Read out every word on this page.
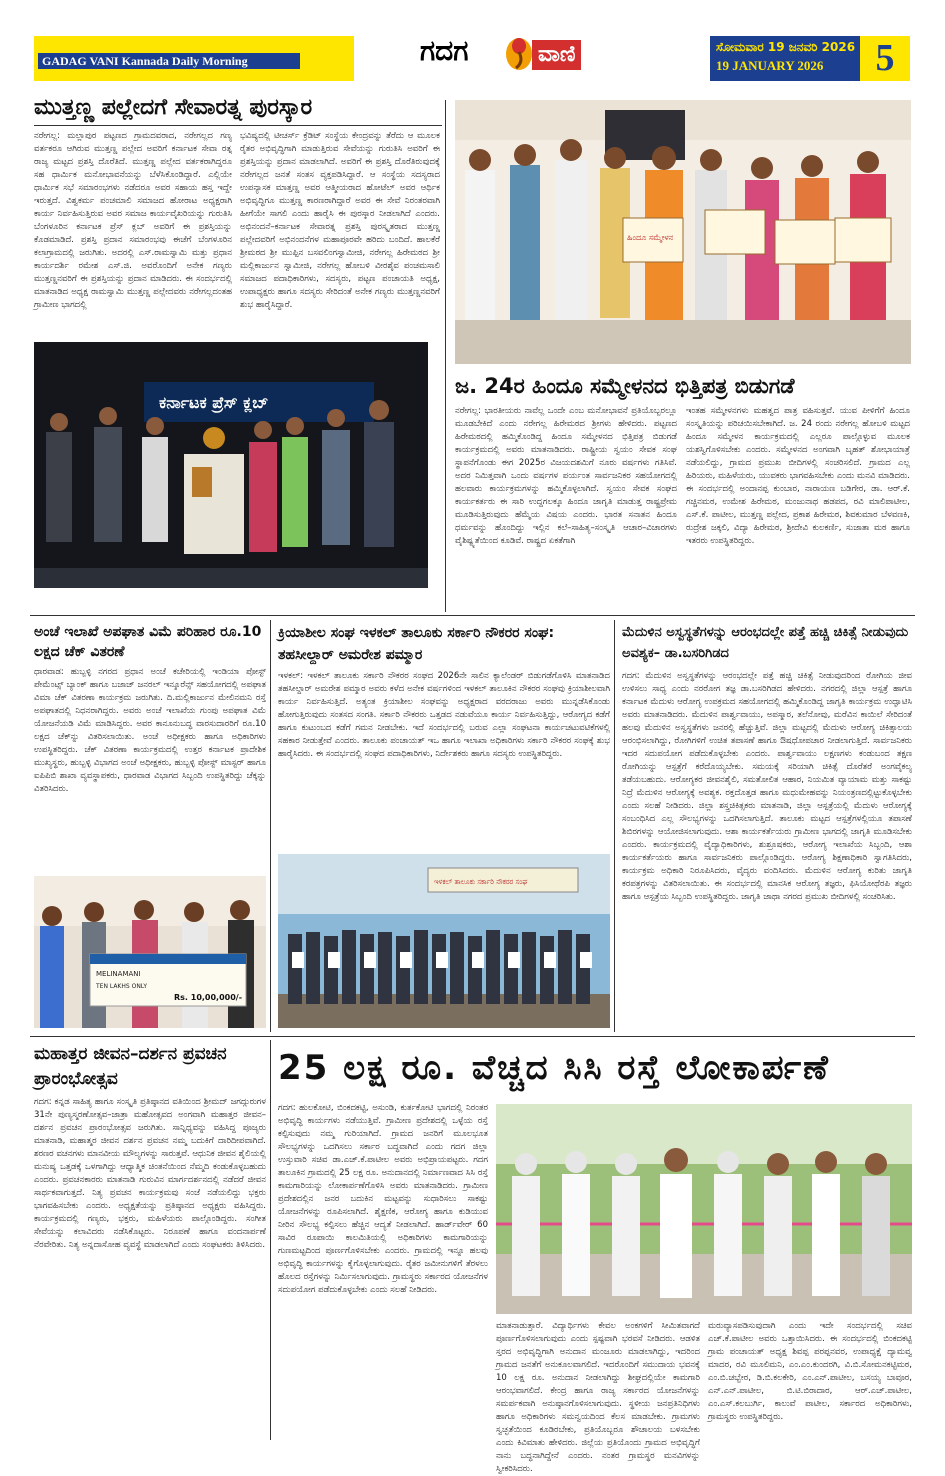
GADAG VANI Kannada Daily Morning	ಗದಗ	ವಾಣಿ	ಸೋಮವಾರ 19 ಜನವರಿ 2026
19 JANUARY 2026	5
ಮುತ್ತಣ್ಣ ಪಲ್ಲೇದಗೆ ಸೇವಾರತ್ನ ಪುರಸ್ಕಾರ
ನರೇಗಲ್ಲ: ಮಲ್ಲಾಪುರ ಪಟ್ಟಣದ ಗ್ರಾಮದವರಾದ, ನರೇಗಲ್ಲದ ಗಣ್ಯ ವರ್ತಕರೂ ಆಗಿರುವ ಮುತ್ತಣ್ಣ ಪಲ್ಲೇದ ಅವರಿಗೆ ಕರ್ನಾಟಕ ಸೇವಾ ರತ್ನ ರಾಜ್ಯ ಮಟ್ಟದ ಪ್ರಶಸ್ತಿ ದೊರೆತಿದೆ. ಮುತ್ತಣ್ಣ ಪಲ್ಲೇದ ವರ್ತಕರಾಗಿದ್ದರೂ ಸಹ ಧಾರ್ಮಿಕ ಮನೋಭಾವನೆಯನ್ನು ಬೆಳೆಸಿಕೊಂಡಿದ್ದಾರೆ. ಎಲ್ಲಿಯೇ ಧಾರ್ಮಿಕ ಸಭೆ ಸಮಾರಂಭಗಳು ನಡೆದರೂ ಅವರ ಸಹಾಯ ಹಸ್ತ ಇದ್ದೇ ಇರುತ್ತದೆ. ವಿಶ್ವಕರ್ಮ ಪಂಚಮಾಲಿ ಸಮಾಜದ ಹೋರಾಟ ಅಧ್ಯಕ್ಷರಾಗಿ ಕಾರ್ಯ ನಿರ್ವಹಿಸುತ್ತಿರುವ ಅವರ ಸಮಾಜ ಕಾರ್ಯವೈಖರಿಯನ್ನು ಗುರುತಿಸಿ ಬೆಂಗಳೂರಿನ ಕರ್ನಾಟಕ ಪ್ರೆಸ್ ಕ್ಲಬ್ ಅವರಿಗೆ ಈ ಪ್ರಶಸ್ತಿಯನ್ನು ಕೊಡಮಾಡಿದೆ. ಪ್ರಶಸ್ತಿ ಪ್ರದಾನ ಸಮಾರಂಭವು ಈಚೆಗೆ ಬೆಂಗಳೂರಿನ ಕಲಾಗ್ರಾಮದಲ್ಲಿ ಜರುಗಿತು. ಅದರಲ್ಲಿ ಎಸ್.ರಾಮಸ್ವಾಮಿ ಮತ್ತು ಪ್ರಧಾನ ಕಾರ್ಯದರ್ಶಿ ರಮೇಶ ಎಸ್.ಜಿ. ಅವರೊಂದಿಗೆ ಅನೇಕ ಗಣ್ಯರು ಮುತ್ತಣ್ಣನವರಿಗೆ ಈ ಪ್ರಶಸ್ತಿಯನ್ನು ಪ್ರದಾನ ಮಾಡಿದರು. ಈ ಸಂದರ್ಭದಲ್ಲಿ ಮಾತನಾಡಿದ ಅಧ್ಯಕ್ಷ ರಾಮಸ್ವಾಮಿ ಮುತ್ತಣ್ಣ ಪಲ್ಲೇದವರು ನರೇಗಲ್ಲದಂತಹ ಗ್ರಾಮೀಣ ಭಾಗದಲ್ಲಿ
ಭವಿಷ್ಯದಲ್ಲಿ ಟೀಚರ್ಸ್ ಕ್ರೆಡಿಟ್ ಸಂಸ್ಥೆಯ ಕೇಂದ್ರವನ್ನು ತೆರೆದು ಆ ಮೂಲಕ ರೈತರ ಅಭಿವೃದ್ಧಿಗಾಗಿ ಮಾಡುತ್ತಿರುವ ಸೇವೆಯನ್ನು ಗುರುತಿಸಿ ಅವರಿಗೆ ಈ ಪ್ರಶಸ್ತಿಯನ್ನು ಪ್ರದಾನ ಮಾಡಲಾಗಿದೆ. ಅವರಿಗೆ ಈ ಪ್ರಶಸ್ತಿ ದೊರೆತಿರುವುದಕ್ಕೆ ನರೇಗಲ್ಲದ ಜನತೆ ಸಂತಸ ವ್ಯಕ್ತಪಡಿಸಿದ್ದಾರೆ. ಆ ಸಂಸ್ಥೆಯ ಸದಸ್ಯರಾದ ಉಪನ್ಯಾಸಕ ಮಾತ್ತಣ್ಣ ಅವರ ಆತ್ಮೀಯರಾದ ಹೋಟೆಲ್ ಅವರ ಆರ್ಥಿಕ ಅಭಿವೃದ್ಧಿಗೂ ಮುತ್ತಣ್ಣ ಕಾರಣರಾಗಿದ್ದಾರೆ ಅವರ ಈ ಸೇವೆ ನಿರಂತರವಾಗಿ ಹೀಗೆಯೇ ಸಾಗಲಿ ಎಂದು ಹಾರೈಸಿ ಈ ಪುರಸ್ಕಾರ ನೀಡಲಾಗಿದೆ ಎಂದರು. ಅಭಿನಂದನೆ–ಕರ್ನಾಟಕ ಸೇವಾರತ್ನ ಪ್ರಶಸ್ತಿ ಪುರಸ್ಕೃತರಾದ ಮುತ್ತಣ್ಣ ಪಲ್ಲೇದವರಿಗೆ ಅಭಿನಂದನೆಗಳ ಮಹಾಪೂರವೇ ಹರಿದು ಬಂದಿದೆ. ಹಾಲಕೆರೆ ಶ್ರೀಮಠದ ಶ್ರೀ ಮುಪ್ಪಿನ ಬಸವಲಿಂಗಸ್ವಾಮೀಜಿ, ನರೇಗಲ್ಲ ಹಿರೇಮಠದ ಶ್ರೀ ಮಲ್ಲಿಕಾರ್ಜುನ ಸ್ವಾಮೀಜಿ, ನರೇಗಲ್ಲ ಹೋಬಳಿ ವೀರಶೈವ ಪಂಚಮಸಾಲಿ ಸಮಾಜದ ಪದಾಧಿಕಾರಿಗಳು, ಸದಸ್ಯರು, ಪಟ್ಟಣ ಪಂಚಾಯತಿ ಅಧ್ಯಕ್ಷ, ಉಪಾಧ್ಯಕ್ಷರು ಹಾಗೂ ಸದಸ್ಯರು ಸೇರಿದಂತೆ ಅನೇಕ ಗಣ್ಯರು ಮುತ್ತಣ್ಣನವರಿಗೆ ಶುಭ ಹಾರೈಸಿದ್ದಾರೆ.
ಕರ್ನಾಟಕ ಪ್ರೆಸ್ ಕ್ಲಬ್
ಹಿಂದೂ ಸಮ್ಮೇಳನ
ಜ. 24ರ ಹಿಂದೂ ಸಮ್ಮೇಳನದ ಭಿತ್ತಿಪತ್ರ ಬಿಡುಗಡೆ
ನರೇಗಲ್ಲ: ಭಾರತೀಯರು ನಾವೆಲ್ಲ ಒಂದೇ ಎಂಬ ಮನೋಭಾವನೆ ಪ್ರತಿಯೊಬ್ಬರಲ್ಲೂ ಮೂಡಬೇಕಿದೆ ಎಂದು ನರೇಗಲ್ಲ ಹಿರೇಮಠದ ಶ್ರೀಗಳು ಹೇಳಿದರು. ಪಟ್ಟಣದ ಹಿರೇಮಠದಲ್ಲಿ ಹಮ್ಮಿಕೊಂಡಿದ್ದ ಹಿಂದೂ ಸಮ್ಮೇಳನದ ಭಿತ್ತಿಪತ್ರ ಬಿಡುಗಡೆ ಕಾರ್ಯಕ್ರಮದಲ್ಲಿ ಅವರು ಮಾತನಾಡಿದರು. ರಾಷ್ಟ್ರೀಯ ಸ್ವಯಂ ಸೇವಕ ಸಂಘ ಸ್ಥಾಪನೆಗೊಂಡು ಈಗ 2025ರ ವಿಜಯದಶಮಿಗೆ ನೂರು ವರ್ಷಗಳು ಗತಿಸಿವೆ. ಅದರ ನಿಮಿತ್ತವಾಗಿ ಒಂದು ವರ್ಷಗಳ ಪರ್ಯಂತ ಸಾರ್ವಜನಿಕರ ಸಹಯೋಗದಲ್ಲಿ ಹಲವಾರು ಕಾರ್ಯಕ್ರಮಗಳನ್ನು ಹಮ್ಮಿಕೊಳ್ಳಲಾಗಿದೆ. ಸ್ವಯಂ ಸೇವಕ ಸಂಘದ ಕಾರ್ಯಕರ್ತರು ಈ ಸಾರಿ ಉದ್ದಗಲಕ್ಕೂ ಹಿಂದೂ ಜಾಗೃತಿ ಮಾಡುತ್ತ ರಾಷ್ಟ್ರಪ್ರೇಮ ಮೂಡಿಸುತ್ತಿರುವುದು ಹೆಮ್ಮೆಯ ವಿಷಯ ಎಂದರು. ಭಾರತ ಸನಾತನ ಹಿಂದೂ ಧರ್ಮವನ್ನು ಹೊಂದಿದ್ದು ಇಲ್ಲಿನ ಕಲೆ–ಸಾಹಿತ್ಯ–ಸಂಸ್ಕೃತಿ ಆಚಾರ–ವಿಚಾರಗಳು ವೈಶಿಷ್ಟ್ಯತೆಯಿಂದ ಕೂಡಿವೆ. ರಾಷ್ಟ್ರದ ಏಕತೆಗಾಗಿ
ಇಂತಹ ಸಮ್ಮೇಳನಗಳು ಮಹತ್ವದ ಪಾತ್ರ ವಹಿಸುತ್ತವೆ. ಯುವ ಪೀಳಿಗೆಗೆ ಹಿಂದೂ ಸಂಸ್ಕೃತಿಯನ್ನು ಪರಿಚಯಿಸಬೇಕಾಗಿದೆ. ಜ. 24 ರಂದು ನರೇಗಲ್ಲ ಹೋಬಳಿ ಮಟ್ಟದ ಹಿಂದೂ ಸಮ್ಮೇಳನ ಕಾರ್ಯಕ್ರಮದಲ್ಲಿ ಎಲ್ಲರೂ ಪಾಲ್ಗೊಳ್ಳುವ ಮೂಲಕ ಯಶಸ್ವಿಗೊಳಿಸಬೇಕು ಎಂದರು. ಸಮ್ಮೇಳನದ ಅಂಗವಾಗಿ ಬೃಹತ್ ಶೋಭಾಯಾತ್ರೆ ನಡೆಯಲಿದ್ದು, ಗ್ರಾಮದ ಪ್ರಮುಖ ಬೀದಿಗಳಲ್ಲಿ ಸಂಚರಿಸಲಿದೆ. ಗ್ರಾಮದ ಎಲ್ಲ ಹಿರಿಯರು, ಮಹಿಳೆಯರು, ಯುವಕರು ಭಾಗವಹಿಸಬೇಕು ಎಂದು ಮನವಿ ಮಾಡಿದರು. ಈ ಸಂದರ್ಭದಲ್ಲಿ ಅಂದಾನಪ್ಪ ಕುಂಬಾರ, ನಾರಾಯಣ ಬಡಿಗೇರ, ಡಾ. ಆರ್.ಕೆ. ಗಚ್ಚಿನಮಠ, ಉಮೇಶ ಹಿರೇಮಠ, ಮಂಜುನಾಥ ಹಡಪದ, ರವಿ ಮಾಲಿಪಾಟೀಲ, ಎಸ್.ಕೆ. ಪಾಟೀಲ, ಮುತ್ತಣ್ಣ ಪಲ್ಲೇದ, ಪ್ರಕಾಶ ಹಿರೇಮಠ, ಶಿವಕುಮಾರ ಬೆಳವಣಕಿ, ರುದ್ರೇಶ ಜಕ್ಕಲಿ, ವಿದ್ಯಾ ಹಿರೇಮಠ, ಶ್ರೀದೇವಿ ಕುಲಕರ್ಣಿ, ಸುಜಾತಾ ಮಠ ಹಾಗೂ ಇತರರು ಉಪಸ್ಥಿತರಿದ್ದರು.
ಅಂಚೆ ಇಲಾಖೆ ಅಪಘಾತ ವಿಮೆ ಪರಿಹಾರ ರೂ.10 ಲಕ್ಷದ ಚೆಕ್ ವಿತರಣೆ
ಧಾರವಾಡ: ಹುಬ್ಬಳ್ಳಿ ನಗರದ ಪ್ರಧಾನ ಅಂಚೆ ಕಚೇರಿಯಲ್ಲಿ ಇಂಡಿಯಾ ಪೋಸ್ಟ್ ಪೇಮೆಂಟ್ಸ್ ಬ್ಯಾಂಕ್ ಹಾಗೂ ಬಜಾಜ್ ಜನರಲ್ ಇನ್ಶೂರೆನ್ಸ್ ಸಹಯೋಗದಲ್ಲಿ ಅಪಘಾತ ವಿಮಾ ಚೆಕ್ ವಿತರಣಾ ಕಾರ್ಯಕ್ರಮ ಜರುಗಿತು. ದಿ.ಮಲ್ಲಿಕಾರ್ಜುನ ಮೇಲಿನಮನಿ ರಸ್ತೆ ಅಪಘಾತದಲ್ಲಿ ನಿಧನರಾಗಿದ್ದರು. ಅವರು ಅಂಚೆ ಇಲಾಖೆಯ ಗುಂಪು ಅಪಘಾತ ವಿಮೆ ಯೋಜನೆಯಡಿ ವಿಮೆ ಮಾಡಿಸಿದ್ದರು. ಅವರ ಕಾನೂನುಬದ್ಧ ವಾರಸುದಾರರಿಗೆ ರೂ.10 ಲಕ್ಷದ ಚೆಕ್‌ನ್ನು ವಿತರಿಸಲಾಯಿತು. ಅಂಚೆ ಅಧೀಕ್ಷಕರು ಹಾಗೂ ಅಧಿಕಾರಿಗಳು ಉಪಸ್ಥಿತರಿದ್ದರು. ಚೆಕ್ ವಿತರಣಾ ಕಾರ್ಯಕ್ರಮದಲ್ಲಿ ಉತ್ತರ ಕರ್ನಾಟಕ ಪ್ರಾದೇಶಿಕ ಮುಖ್ಯಸ್ಥರು, ಹುಬ್ಬಳ್ಳಿ ವಿಭಾಗದ ಅಂಚೆ ಅಧೀಕ್ಷಕರು, ಹುಬ್ಬಳ್ಳಿ ಪೋಸ್ಟ್ ಮಾಸ್ಟರ್ ಹಾಗೂ ಐಪಿಪಿಬಿ ಶಾಖಾ ವ್ಯವಸ್ಥಾಪಕರು, ಧಾರವಾಡ ವಿಭಾಗದ ಸಿಬ್ಬಂದಿ ಉಪಸ್ಥಿತರಿದ್ದು ಚೆಕ್ಕನ್ನು ವಿತರಿಸಿದರು.
MELINAMANI
TEN LAKHS ONLY
Rs. 10,00,000/-
ಕ್ರಿಯಾಶೀಲ ಸಂಘ ಇಳಕಲ್ ತಾಲೂಕು ಸರ್ಕಾರಿ ನೌಕರರ ಸಂಘ: ತಹಸೀಲ್ದಾರ್ ಅಮರೇಶ ಪಮ್ಮಾರ
ಇಳಕಲ್: ಇಳಕಲ್ ತಾಲೂಕು ಸರ್ಕಾರಿ ನೌಕರರ ಸಂಘದ 2026ನೇ ಸಾಲಿನ ಕ್ಯಾಲೆಂಡರ್ ಬಿಡುಗಡೆಗೊಳಿಸಿ ಮಾತನಾಡಿದ ತಹಸೀಲ್ದಾರ್ ಅಮರೇಶ ಪಮ್ಮಾರ ಅವರು ಕಳೆದ ಅನೇಕ ವರ್ಷಗಳಿಂದ ಇಳಕಲ್ ತಾಲೂಕಿನ ನೌಕರರ ಸಂಘವು ಕ್ರಿಯಾಶೀಲವಾಗಿ ಕಾರ್ಯ ನಿರ್ವಹಿಸುತ್ತಿದೆ. ಅತ್ಯಂತ ಕ್ರಿಯಾಶೀಲ ಸಂಘವನ್ನು ಅಧ್ಯಕ್ಷರಾದ ವರದರಾಜು ಅವರು ಮುನ್ನಡೆಸಿಕೊಂಡು ಹೋಗುತ್ತಿರುವುದು ಸಂತಸದ ಸಂಗತಿ. ಸರ್ಕಾರಿ ನೌಕರರು ಒತ್ತಡದ ನಡುವೆಯೂ ಕಾರ್ಯ ನಿರ್ವಹಿಸುತ್ತಿದ್ದು, ಆರೋಗ್ಯದ ಕಡೆಗೆ ಹಾಗೂ ಕುಟುಂಬದ ಕಡೆಗೆ ಗಮನ ನೀಡಬೇಕು. ಇದೆ ಸಂದರ್ಭದಲ್ಲಿ ಬರುವ ಎಲ್ಲಾ ಸಂಘಟನಾ ಕಾರ್ಯಚಟುವಟಿಕೆಗಳಲ್ಲಿ ಸಹಕಾರ ನೀಡುತ್ತೇವೆ ಎಂದರು. ತಾಲೂಕು ಪಂಚಾಯತ್ ಇಒ ಹಾಗೂ ಇಲಾಖಾ ಅಧಿಕಾರಿಗಳು ಸರ್ಕಾರಿ ನೌಕರರ ಸಂಘಕ್ಕೆ ಶುಭ ಹಾರೈಸಿದರು. ಈ ಸಂದರ್ಭದಲ್ಲಿ ಸಂಘದ ಪದಾಧಿಕಾರಿಗಳು, ನಿರ್ದೇಶಕರು ಹಾಗೂ ಸದಸ್ಯರು ಉಪಸ್ಥಿತರಿದ್ದರು.
ಇಳಕಲ್ ತಾಲೂಕು ಸರ್ಕಾರಿ ನೌಕರರ ಸಂಘ
ಮೆದುಳಿನ ಅಸ್ವಸ್ಥತೆಗಳನ್ನು ಆರಂಭದಲ್ಲೇ ಪತ್ತೆ ಹಚ್ಚಿ ಚಿಕಿತ್ಸೆ ನೀಡುವುದು ಅವಶ್ಯಕ– ಡಾ.ಬಸರಿಗಿಡದ
ಗದಗ: ಮೆದುಳಿನ ಅಸ್ವಸ್ಥತೆಗಳನ್ನು ಆರಂಭದಲ್ಲೇ ಪತ್ತೆ ಹಚ್ಚಿ ಚಿಕಿತ್ಸೆ ನೀಡುವುದರಿಂದ ರೋಗಿಯ ಜೀವ ಉಳಿಸಲು ಸಾಧ್ಯ ಎಂದು ನರರೋಗ ತಜ್ಞ ಡಾ.ಬಸರಿಗಿಡದ ಹೇಳಿದರು. ನಗರದಲ್ಲಿ ಜಿಲ್ಲಾ ಆಸ್ಪತ್ರೆ ಹಾಗೂ ಕರ್ನಾಟಕ ಮೆದುಳು ಆರೋಗ್ಯ ಉಪಕ್ರಮದ ಸಹಯೋಗದಲ್ಲಿ ಹಮ್ಮಿಕೊಂಡಿದ್ದ ಜಾಗೃತಿ ಕಾರ್ಯಕ್ರಮ ಉದ್ಘಾಟಿಸಿ ಅವರು ಮಾತನಾಡಿದರು. ಮೆದುಳಿನ ಪಾರ್ಶ್ವವಾಯು, ಅಪಸ್ಮಾರ, ತಲೆನೋವು, ಮರೆವಿನ ಕಾಯಿಲೆ ಸೇರಿದಂತೆ ಹಲವು ಮೆದುಳಿನ ಅಸ್ವಸ್ಥತೆಗಳು ಜನರಲ್ಲಿ ಹೆಚ್ಚುತ್ತಿವೆ. ಜಿಲ್ಲಾ ಮಟ್ಟದಲ್ಲಿ ಮೆದುಳು ಆರೋಗ್ಯ ಚಿಕಿತ್ಸಾಲಯ ಆರಂಭಿಸಲಾಗಿದ್ದು, ರೋಗಿಗಳಿಗೆ ಉಚಿತ ತಪಾಸಣೆ ಹಾಗೂ ಔಷಧೋಪಚಾರ ನೀಡಲಾಗುತ್ತಿದೆ. ಸಾರ್ವಜನಿಕರು ಇದರ ಸದುಪಯೋಗ ಪಡೆದುಕೊಳ್ಳಬೇಕು ಎಂದರು. ಪಾರ್ಶ್ವವಾಯು ಲಕ್ಷಣಗಳು ಕಂಡುಬಂದ ತಕ್ಷಣ ರೋಗಿಯನ್ನು ಆಸ್ಪತ್ರೆಗೆ ಕರೆದೊಯ್ಯಬೇಕು. ಸಮಯಕ್ಕೆ ಸರಿಯಾಗಿ ಚಿಕಿತ್ಸೆ ದೊರೆತರೆ ಅಂಗವೈಕಲ್ಯ ತಡೆಯಬಹುದು. ಆರೋಗ್ಯಕರ ಜೀವನಶೈಲಿ, ಸಮತೋಲಿತ ಆಹಾರ, ನಿಯಮಿತ ವ್ಯಾಯಾಮ ಮತ್ತು ಸಾಕಷ್ಟು ನಿದ್ರೆ ಮೆದುಳಿನ ಆರೋಗ್ಯಕ್ಕೆ ಅವಶ್ಯಕ. ರಕ್ತದೊತ್ತಡ ಹಾಗೂ ಮಧುಮೇಹವನ್ನು ನಿಯಂತ್ರಣದಲ್ಲಿಟ್ಟುಕೊಳ್ಳಬೇಕು ಎಂದು ಸಲಹೆ ನೀಡಿದರು. ಜಿಲ್ಲಾ ಶಸ್ತ್ರಚಿಕಿತ್ಸಕರು ಮಾತನಾಡಿ, ಜಿಲ್ಲಾ ಆಸ್ಪತ್ರೆಯಲ್ಲಿ ಮೆದುಳು ಆರೋಗ್ಯಕ್ಕೆ ಸಂಬಂಧಿಸಿದ ಎಲ್ಲ ಸೌಲಭ್ಯಗಳನ್ನು ಒದಗಿಸಲಾಗುತ್ತಿದೆ. ತಾಲೂಕು ಮಟ್ಟದ ಆಸ್ಪತ್ರೆಗಳಲ್ಲಿಯೂ ತಪಾಸಣೆ ಶಿಬಿರಗಳನ್ನು ಆಯೋಜಿಸಲಾಗುವುದು. ಆಶಾ ಕಾರ್ಯಕರ್ತೆಯರು ಗ್ರಾಮೀಣ ಭಾಗದಲ್ಲಿ ಜಾಗೃತಿ ಮೂಡಿಸಬೇಕು ಎಂದರು. ಕಾರ್ಯಕ್ರಮದಲ್ಲಿ ವೈದ್ಯಾಧಿಕಾರಿಗಳು, ಶುಶ್ರೂಷಕರು, ಆರೋಗ್ಯ ಇಲಾಖೆಯ ಸಿಬ್ಬಂದಿ, ಆಶಾ ಕಾರ್ಯಕರ್ತೆಯರು ಹಾಗೂ ಸಾರ್ವಜನಿಕರು ಪಾಲ್ಗೊಂಡಿದ್ದರು. ಆರೋಗ್ಯ ಶಿಕ್ಷಣಾಧಿಕಾರಿ ಸ್ವಾಗತಿಸಿದರು, ಕಾರ್ಯಕ್ರಮ ಅಧಿಕಾರಿ ನಿರೂಪಿಸಿದರು, ವೈದ್ಯರು ವಂದಿಸಿದರು. ಮೆದುಳಿನ ಆರೋಗ್ಯ ಕುರಿತು ಜಾಗೃತಿ ಕರಪತ್ರಗಳನ್ನು ವಿತರಿಸಲಾಯಿತು. ಈ ಸಂದರ್ಭದಲ್ಲಿ ಮಾನಸಿಕ ಆರೋಗ್ಯ ತಜ್ಞರು, ಫಿಸಿಯೋಥೆರಪಿ ತಜ್ಞರು ಹಾಗೂ ಆಸ್ಪತ್ರೆಯ ಸಿಬ್ಬಂದಿ ಉಪಸ್ಥಿತರಿದ್ದರು. ಜಾಗೃತಿ ಜಾಥಾ ನಗರದ ಪ್ರಮುಖ ಬೀದಿಗಳಲ್ಲಿ ಸಂಚರಿಸಿತು.
ಮಹಾತ್ತರ ಜೀವನ–ದರ್ಶನ ಪ್ರವಚನ ಪ್ರಾರಂಭೋತ್ಸವ
ಗದಗ: ಕನ್ನಡ ಸಾಹಿತ್ಯ ಹಾಗೂ ಸಂಸ್ಕೃತಿ ಪ್ರತಿಷ್ಠಾನದ ವತಿಯಿಂದ ಶ್ರೀಮದ್ ಜಗದ್ಗುರುಗಳ 31ನೇ ಪುಣ್ಯಸ್ಮರಣೋತ್ಸವ–ಜಾತ್ರಾ ಮಹೋತ್ಸವದ ಅಂಗವಾಗಿ ಮಹಾತ್ತರ ಜೀವನ–ದರ್ಶನ ಪ್ರವಚನ ಪ್ರಾರಂಭೋತ್ಸವ ಜರುಗಿತು. ಸಾನ್ನಿಧ್ಯವನ್ನು ವಹಿಸಿದ್ದ ಪೂಜ್ಯರು ಮಾತನಾಡಿ, ಮಹಾತ್ಮರ ಜೀವನ ದರ್ಶನ ಪ್ರವಚನ ನಮ್ಮ ಬದುಕಿಗೆ ದಾರಿದೀಪವಾಗಿದೆ. ಶರಣರ ವಚನಗಳು ಮಾನವೀಯ ಮೌಲ್ಯಗಳನ್ನು ಸಾರುತ್ತವೆ. ಆಧುನಿಕ ಜೀವನ ಶೈಲಿಯಲ್ಲಿ ಮನುಷ್ಯ ಒತ್ತಡಕ್ಕೆ ಒಳಗಾಗಿದ್ದು ಆಧ್ಯಾತ್ಮಿಕ ಚಿಂತನೆಯಿಂದ ನೆಮ್ಮದಿ ಕಂಡುಕೊಳ್ಳಬಹುದು ಎಂದರು. ಪ್ರವಚನಕಾರರು ಮಾತನಾಡಿ ಗುರುವಿನ ಮಾರ್ಗದರ್ಶನದಲ್ಲಿ ನಡೆದರೆ ಜೀವನ ಸಾರ್ಥಕವಾಗುತ್ತದೆ. ನಿತ್ಯ ಪ್ರವಚನ ಕಾರ್ಯಕ್ರಮವು ಸಂಜೆ ನಡೆಯಲಿದ್ದು ಭಕ್ತರು ಭಾಗವಹಿಸಬೇಕು ಎಂದರು. ಅಧ್ಯಕ್ಷತೆಯನ್ನು ಪ್ರತಿಷ್ಠಾನದ ಅಧ್ಯಕ್ಷರು ವಹಿಸಿದ್ದರು. ಕಾರ್ಯಕ್ರಮದಲ್ಲಿ ಗಣ್ಯರು, ಭಕ್ತರು, ಮಹಿಳೆಯರು ಪಾಲ್ಗೊಂಡಿದ್ದರು. ಸಂಗೀತ ಸೇವೆಯನ್ನು ಕಲಾವಿದರು ನಡೆಸಿಕೊಟ್ಟರು. ನಿರೂಪಣೆ ಹಾಗೂ ವಂದನಾರ್ಪಣೆ ನೆರವೇರಿತು. ನಿತ್ಯ ಅನ್ನದಾಸೋಹ ವ್ಯವಸ್ಥೆ ಮಾಡಲಾಗಿದೆ ಎಂದು ಸಂಘಟಕರು ತಿಳಿಸಿದರು.
25 ಲಕ್ಷ ರೂ. ವೆಚ್ಚದ ಸಿಸಿ ರಸ್ತೆ ಲೋಕಾರ್ಪಣೆ
ಗದಗ: ಹುಲಕೋಟಿ, ಬಿಂಕದಕಟ್ಟಿ, ಅಸುಂಡಿ, ಕುರ್ತಕೋಟಿ ಭಾಗದಲ್ಲಿ ನಿರಂತರ ಅಭಿವೃದ್ಧಿ ಕಾರ್ಯಗಳು ನಡೆಯುತ್ತಿವೆ. ಗ್ರಾಮೀಣ ಪ್ರದೇಶದಲ್ಲಿ ಒಳ್ಳೆಯ ರಸ್ತೆ ಕಲ್ಪಿಸುವುದು ನಮ್ಮ ಗುರಿಯಾಗಿದೆ. ಗ್ರಾಮದ ಜನರಿಗೆ ಮೂಲಭೂತ ಸೌಲಭ್ಯಗಳನ್ನು ಒದಗಿಸಲು ಸರ್ಕಾರ ಬದ್ಧವಾಗಿದೆ ಎಂದು ಗದಗ ಜಿಲ್ಲಾ ಉಸ್ತುವಾರಿ ಸಚಿವ ಡಾ.ಎಚ್.ಕೆ.ಪಾಟೀಲ ಅವರು ಅಭಿಪ್ರಾಯಪಟ್ಟರು. ಗದಗ ತಾಲೂಕಿನ ಗ್ರಾಮದಲ್ಲಿ 25 ಲಕ್ಷ ರೂ. ಅನುದಾನದಲ್ಲಿ ನಿರ್ಮಾಣವಾದ ಸಿಸಿ ರಸ್ತೆ ಕಾಮಗಾರಿಯನ್ನು ಲೋಕಾರ್ಪಣೆಗೊಳಿಸಿ ಅವರು ಮಾತನಾಡಿದರು. ಗ್ರಾಮೀಣ ಪ್ರದೇಶದಲ್ಲಿನ ಜನರ ಬದುಕಿನ ಮಟ್ಟವನ್ನು ಸುಧಾರಿಸಲು ಸಾಕಷ್ಟು ಯೋಜನೆಗಳನ್ನು ರೂಪಿಸಲಾಗಿದೆ. ಶೈಕ್ಷಣಿಕ, ಆರೋಗ್ಯ ಹಾಗೂ ಕುಡಿಯುವ ನೀರಿನ ಸೌಲಭ್ಯ ಕಲ್ಪಿಸಲು ಹೆಚ್ಚಿನ ಆದ್ಯತೆ ನೀಡಲಾಗಿದೆ. ಹಾರ್ಡ್‌ವೇರ್ 60 ಸಾವಿರ ರೂಪಾಯಿ ಕಾಲಮಿತಿಯಲ್ಲಿ ಅಧಿಕಾರಿಗಳು ಕಾಮಗಾರಿಯನ್ನು ಗುಣಮಟ್ಟದಿಂದ ಪೂರ್ಣಗೊಳಿಸಬೇಕು ಎಂದರು. ಗ್ರಾಮದಲ್ಲಿ ಇನ್ನೂ ಹಲವು ಅಭಿವೃದ್ಧಿ ಕಾರ್ಯಗಳನ್ನು ಕೈಗೊಳ್ಳಲಾಗುವುದು. ರೈತರ ಜಮೀನುಗಳಿಗೆ ತೆರಳಲು ಹೊಲದ ರಸ್ತೆಗಳನ್ನು ನಿರ್ಮಿಸಲಾಗುವುದು. ಗ್ರಾಮಸ್ಥರು ಸರ್ಕಾರದ ಯೋಜನೆಗಳ ಸದುಪಯೋಗ ಪಡೆದುಕೊಳ್ಳಬೇಕು ಎಂದು ಸಲಹೆ ನೀಡಿದರು.
ಮಾತನಾಡುತ್ತಾರೆ. ವಿದ್ಯಾರ್ಥಿಗಳು ಕೇವಲ ಅಂಕಗಳಿಗೆ ಸೀಮಿತವಾಗದೆ ಪೂರ್ಣಗೊಳಿಸಲಾಗುವುದು ಎಂದು ಸ್ಪಷ್ಟವಾಗಿ ಭರವಸೆ ನೀಡಿದರು. ಆಡಳಿತ ಸ್ತರದ ಅಭಿವೃದ್ಧಿಗಾಗಿ ಅನುದಾನ ಮಂಜೂರು ಮಾಡಲಾಗಿದ್ದು, ಇದರಿಂದ ಗ್ರಾಮದ ಜನತೆಗೆ ಅನುಕೂಲವಾಗಲಿದೆ. ಇದರೊಂದಿಗೆ ಸಮುದಾಯ ಭವನಕ್ಕೆ 10 ಲಕ್ಷ ರೂ. ಅನುದಾನ ನೀಡಲಾಗಿದ್ದು ಶೀಘ್ರದಲ್ಲಿಯೇ ಕಾಮಗಾರಿ ಆರಂಭವಾಗಲಿದೆ. ಕೇಂದ್ರ ಹಾಗೂ ರಾಜ್ಯ ಸರ್ಕಾರದ ಯೋಜನೆಗಳನ್ನು ಸಮರ್ಪಕವಾಗಿ ಅನುಷ್ಠಾನಗೊಳಿಸಲಾಗುವುದು. ಸ್ಥಳೀಯ ಜನಪ್ರತಿನಿಧಿಗಳು ಹಾಗೂ ಅಧಿಕಾರಿಗಳು ಸಮನ್ವಯದಿಂದ ಕೆಲಸ ಮಾಡಬೇಕು. ಗ್ರಾಮಗಳು ಸ್ವಚ್ಛತೆಯಿಂದ ಕೂಡಿರಬೇಕು, ಪ್ರತಿಯೊಬ್ಬರೂ ಶೌಚಾಲಯ ಬಳಸಬೇಕು ಎಂದು ಕಿವಿಮಾತು ಹೇಳಿದರು. ಜಿಲ್ಲೆಯ ಪ್ರತಿಯೊಂದು ಗ್ರಾಮದ ಅಭಿವೃದ್ಧಿಗೆ ನಾನು ಬದ್ಧನಾಗಿದ್ದೇನೆ ಎಂದರು. ನಂತರ ಗ್ರಾಮಸ್ಥರ ಮನವಿಗಳನ್ನು ಸ್ವೀಕರಿಸಿದರು.
ಮರುವ್ಯಾಸಪಡಿಸುವುದಾಗಿ ಎಂದು ಇದೇ ಸಂದರ್ಭದಲ್ಲಿ ಸಚಿವ ಎಚ್.ಕೆ.ಪಾಟೀಲ ಅವರು ಒತ್ತಾಯಿಸಿದರು. ಈ ಸಂದರ್ಭದಲ್ಲಿ ಬಿಂಕದಕಟ್ಟಿ ಗ್ರಾಮ ಪಂಚಾಯತ್ ಅಧ್ಯಕ್ಷ ಶಿವಪ್ಪ ಪರಪ್ಪನವರ, ಉಪಾಧ್ಯಕ್ಷೆ ದ್ಯಾಮವ್ವ ಮಾದರ, ರವಿ ಮೂಲಿಮನಿ, ಎಂ.ಎಂ.ಕುಂದರಗಿ, ವಿ.ಬಿ.ಸೋಮನಕಟ್ಟಿಮಠ, ಎಂ.ಬಿ.ಚಬ್ಬೇರ, ಡಿ.ಬಿ.ಕಲಕೇರಿ, ಎಂ.ಎನ್.ಪಾಟೀಲ, ಬಸಯ್ಯ ಬಾವೂರ, ಎನ್.ಎನ್.ಪಾಟೀಲ, ಬಿ.ಟಿ.ಬಿರಾದಾರ, ಆರ್.ಎಚ್.ಪಾಟೀಲ, ಎಂ.ಎಸ್.ಕಲಬುರ್ಗಿ, ಕಾಲುವೆ ಪಾಟೀಲ, ಸರ್ಕಾರದ ಅಧಿಕಾರಿಗಳು, ಗ್ರಾಮಸ್ಥರು ಉಪಸ್ಥಿತರಿದ್ದರು.
